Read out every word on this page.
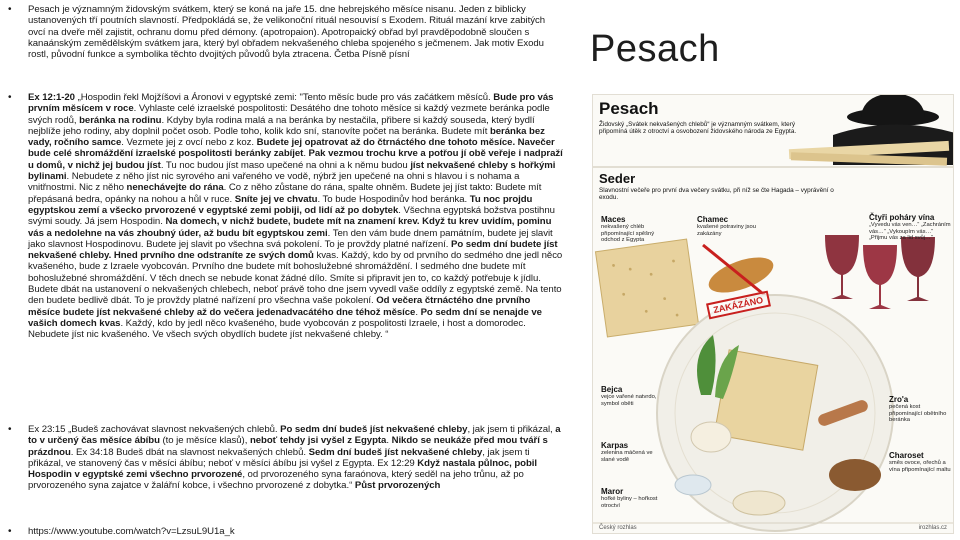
•	Pesach je významným židovským svátkem, který se koná na jaře 15. dne hebrejského měsíce nisanu. Jeden z biblicky ustanovených tří poutních slavností. Předpokládá se, že velikonoční rituál nesouvisí s Exodem. Rituál mazání krve zabitých ovcí na dveře měl zajistit, ochranu domu před démony. (apotropaion). Apotropaický obřad byl pravděpodobně sloučen s kanaánským zemědělským svátkem jara, který byl obřadem nekvašeného chleba spojeného s ječmenem. Jak motiv Exodu rostl, původní funkce a symbolika těchto dvojitých původů byla ztracena. Četba Písně písní
•	Ex 12:1-20 „Hospodin řekl Mojžíšovi a Áronovi v egyptské zemi: "Tento měsíc bude pro vás začátkem měsíců. Bude pro vás prvním měsícem v roce. Vyhlaste celé izraelské pospolitosti: Desátého dne tohoto měsíce si každý vezmete beránka podle svých rodů, beránka na rodinu. Kdyby byla rodina malá a na beránka by nestačila, přibere si každý souseda, který bydlí nejblíže jeho rodiny, aby doplnil počet osob. Podle toho, kolik kdo sní, stanovíte počet na beránka. Budete mít beránka bez vady, ročního samce. Vezmete jej z ovcí nebo z koz. Budete jej opatrovat až do čtrnáctého dne tohoto měsíce. Navečer bude celé shromáždění izraelské pospolitosti beránky zabíjet. Pak vezmou trochu krve a potřou jí obě veřeje i nadpraží u domů, v nichž jej budou jíst. Tu noc budou jíst maso upečené na ohni a k němu budou jíst nekvašené chleby s hořkými bylinami. Nebudete z něho jíst nic syrového ani vařeného ve vodě, nýbrž jen upečené na ohni s hlavou i s nohama a vnitřnostmi. Nic z něho nenechávejte do rána. Co z něho zůstane do rána, spalte ohněm. Budete jej jíst takto: Budete mít přepásaná bedra, opánky na nohou a hůl v ruce. Sníte jej ve chvatu. To bude Hospodinův hod beránka. Tu noc projdu egyptskou zemí a všecko prvorozené v egyptské zemi pobiji, od lidí až po dobytek. Všechna egyptská božstva postihnu svými soudy. Já jsem Hospodin. Na domech, v nichž budete, budete mít na znamení krev. Když tu krev uvidím, pominu vás a nedolehne na vás zhoubný úder, až budu bít egyptskou zemi. Ten den vám bude dnem památním, budete jej slavit jako slavnost Hospodinovu. Budete jej slavit po všechna svá pokolení. To je provždy platné nařízení. Po sedm dní budete jíst nekvašené chleby. Hned prvního dne odstraníte ze svých domů kvas. Každý, kdo by od prvního do sedmého dne jedl něco kvašeného, bude z Izraele vyobcován. Prvního dne budete mít bohoslužebné shromáždění. I sedmého dne budete mít bohoslužebné shromáždění. V těch dnech se nebude konat žádné dílo. Smíte si připravit jen to, co každý potřebuje k jídlu. Budete dbát na ustanovení o nekvašených chlebech, neboť právě toho dne jsem vyvedl vaše oddíly z egyptské země. Na tento den budete bedlivě dbát. To je provždy platné nařízení pro všechna vaše pokolení. Od večera čtrnáctého dne prvního měsíce budete jíst nekvašené chleby až do večera jedenadvacátého dne téhož měsíce. Po sedm dní se nenajde ve vašich domech kvas. Každý, kdo by jedl něco kvašeného, bude vyobcován z pospolitosti Izraele, i host a domorodec. Nebudete jíst nic kvašeného. Ve všech svých obydlích budete jíst nekvašené chleby. “
•	Ex 23:15 „Budeš zachovávat slavnost nekvašených chlebů. Po sedm dní budeš jíst nekvašené chleby, jak jsem ti přikázal, a to v určený čas měsíce ábíbu (to je měsíce klasů), neboť tehdy jsi vyšel z Egypta. Nikdo se neukáže před mou tváří s prázdnou. Ex 34:18 Budeš dbát na slavnost nekvašených chlebů. Sedm dní budeš jíst nekvašené chleby, jak jsem ti přikázal, ve stanovený čas v měsíci ábíbu; neboť v měsíci ábíbu jsi vyšel z Egypta. Ex 12:29 Když nastala půlnoc, pobil Hospodin v egyptské zemi všechno prvorozené, od prvorozeného syna faraónova, který seděl na jeho trůnu, až po prvorozeného syna zajatce v žalářní kobce, i všechno prvorozené z dobytka.“ Půst prvorozených
•	https://www.youtube.com/watch?v=LzsuL9U1a_k
Pesach
Pesach
Židovský „Svátek nekvašených chlebů“ je významným svátkem, který připomíná útěk z otroctví a osvobození židovského národa ze Egypta.
Seder
Slavnostní večeře pro první dva večery svátku, při níž se čte Hagada – vyprávění o exodu.
Maces
nekvašený chléb připomínající spěšný odchod z Egypta
Chamec
kvašené potraviny jsou zakázány
Čtyři poháry vína
„Vyvedu vás ven…“ „Zachráním vás…“ „Vykoupím vás…“ „Přijmu vás za lid svůj…“
Bejca
vejce vařené natvrdo, symbol oběti	Zro'a
pečená kost připomínající obětního beránka
Karpas
zelenina máčená ve slané vodě	Charoset
směs ovoce, ořechů a vína připomínající maltu
Maror
hořké byliny – hořkost otroctví
ZAKÁZÁNO
Český rozhlas	irozhlas.cz
